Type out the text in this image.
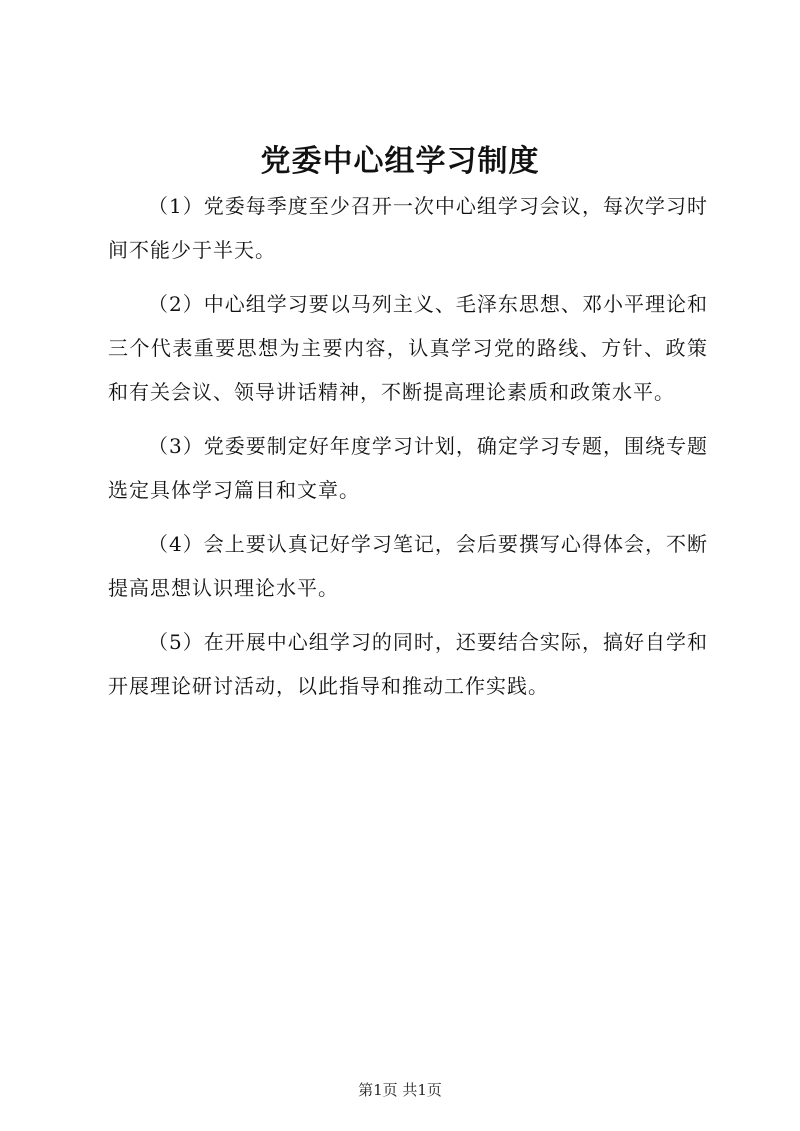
党委中心组学习制度

（1）党委每季度至少召开一次中心组学习会议，每次学习时间不能少于半天。

（2）中心组学习要以马列主义、毛泽东思想、邓小平理论和三个代表重要思想为主要内容，认真学习党的路线、方针、政策和有关会议、领导讲话精神，不断提高理论素质和政策水平。

（3）党委要制定好年度学习计划，确定学习专题，围绕专题选定具体学习篇目和文章。

（4）会上要认真记好学习笔记，会后要撰写心得体会，不断提高思想认识理论水平。

（5）在开展中心组学习的同时，还要结合实际，搞好自学和开展理论研讨活动，以此指导和推动工作实践。

第1页 共1页
